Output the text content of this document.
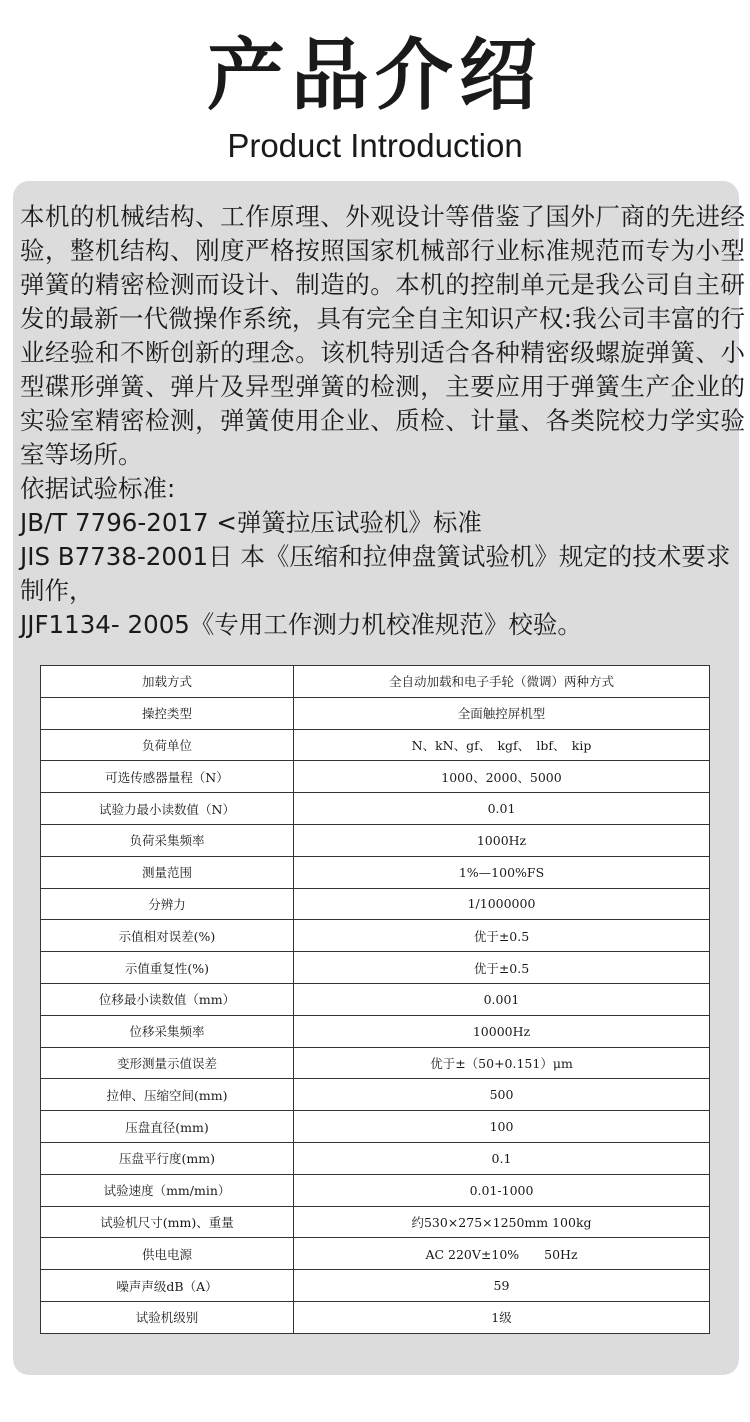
产品介绍
Product Introduction

本机的机械结构、工作原理、外观设计等借鉴了国外厂商的先进经验，整机结构、刚度严格按照国家机械部行业标准规范而专为小型弹簧的精密检测而设计、制造的。本机的控制单元是我公司自主研发的最新一代微操作系统，具有完全自主知识产权:我公司丰富的行业经验和不断创新的理念。该机特别适合各种精密级螺旋弹簧、小型碟形弹簧、弹片及异型弹簧的检测，主要应用于弹簧生产企业的实验室精密检测，弹簧使用企业、质检、计量、各类院校力学实验室等场所。

依据试验标准:

JB/T 7796-2017 <弹簧拉压试验机》标准

JIS B7738-2001日 本《压缩和拉伸盘簧试验机》规定的技术要求制作，

JJF1134- 2005《专用工作测力机校准规范》校验。

加载方式	全自动加载和电子手轮（微调）两种方式
操控类型	全面触控屏机型
负荷单位	N、kN、gf、　kgf、　lbf、　kip
可选传感器量程（N）	1000、2000、5000
试验力最小读数值（N）	0.01
负荷采集频率	1000Hz
测量范围	1%—100%FS
分辨力	1/1000000
示值相对误差(%)	优于±0.5
示值重复性(%)	优于±0.5
位移最小读数值（mm）	0.001
位移采集频率	10000Hz
变形测量示值误差	优于±（50+0.151）μm
拉伸、压缩空间(mm)	500
压盘直径(mm)	100
压盘平行度(mm)	0.1
试验速度（mm/min）	0.01-1000
试验机尺寸(mm)、重量	约530×275×1250mm 100kg
供电电源	AC 220V±10%　　50Hz
噪声声级dB（A）	59
试验机级别	1级
